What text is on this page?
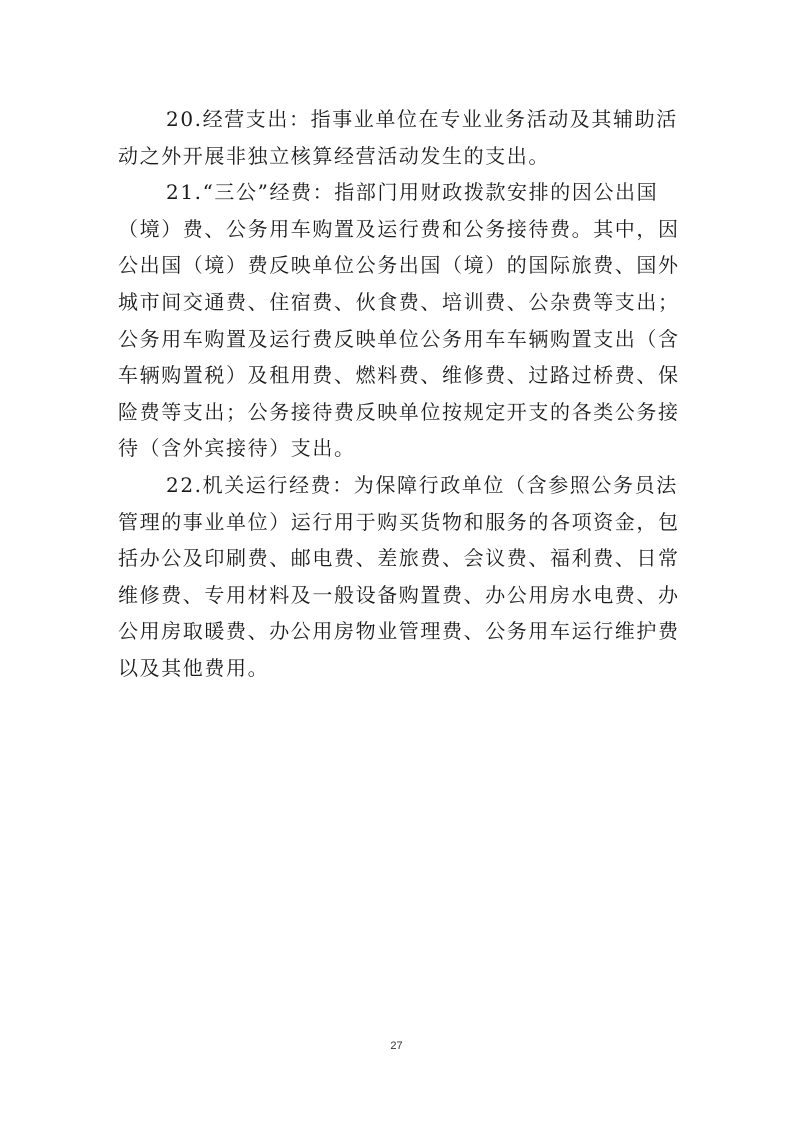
20.经营支出：指事业单位在专业业务活动及其辅助活
动之外开展非独立核算经营活动发生的支出。
21.“三公”经费：指部门用财政拨款安排的因公出国
（境）费、公务用车购置及运行费和公务接待费。其中，因
公出国（境）费反映单位公务出国（境）的国际旅费、国外
城市间交通费、住宿费、伙食费、培训费、公杂费等支出；
公务用车购置及运行费反映单位公务用车车辆购置支出（含
车辆购置税）及租用费、燃料费、维修费、过路过桥费、保
险费等支出；公务接待费反映单位按规定开支的各类公务接
待（含外宾接待）支出。
22.机关运行经费：为保障行政单位（含参照公务员法
管理的事业单位）运行用于购买货物和服务的各项资金，包
括办公及印刷费、邮电费、差旅费、会议费、福利费、日常
维修费、专用材料及一般设备购置费、办公用房水电费、办
公用房取暖费、办公用房物业管理费、公务用车运行维护费
以及其他费用。
27
